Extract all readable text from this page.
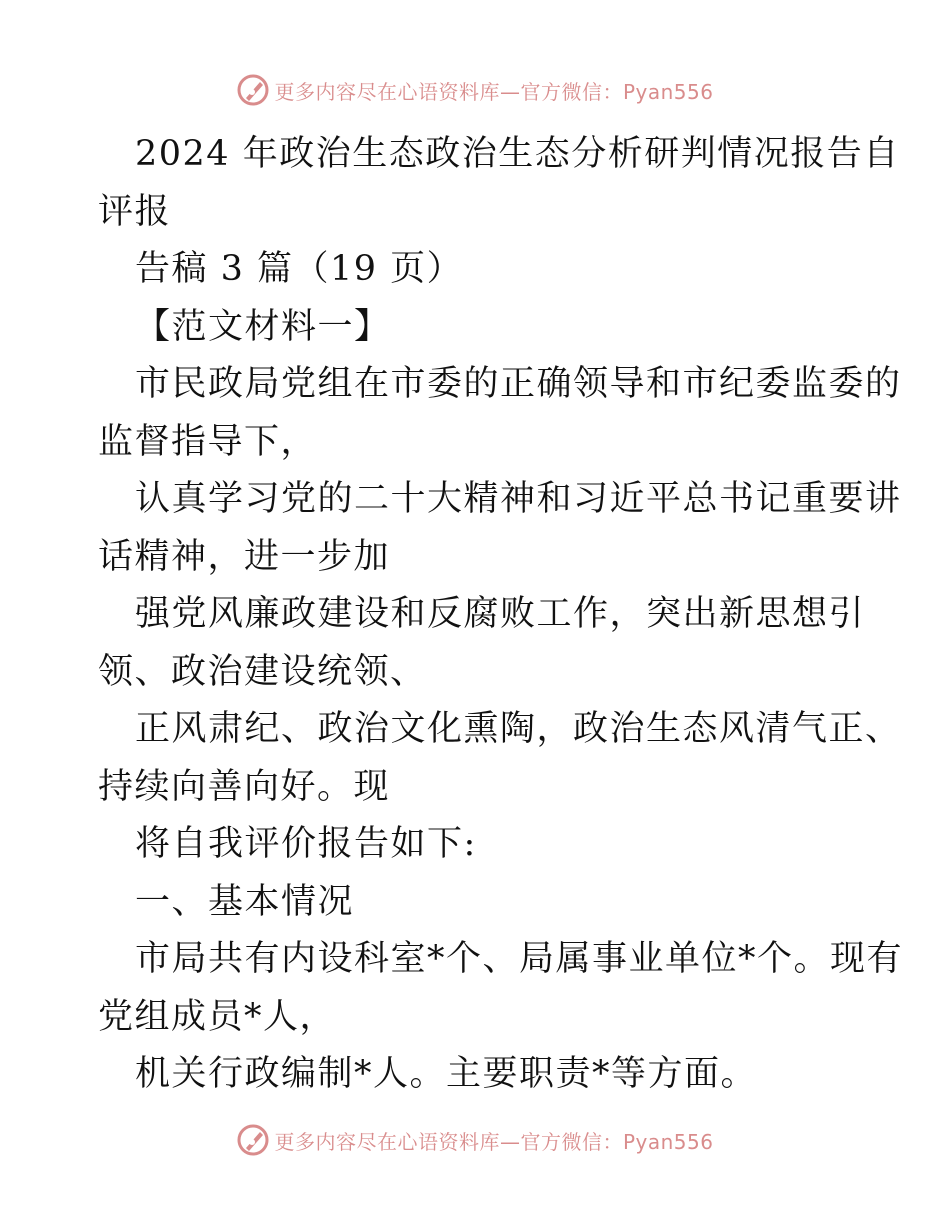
更多内容尽在心语资料库—官方微信：Pyan556
2024 年政治生态政治生态分析研判情况报告自
评报
告稿 3 篇（19 页）
【范文材料一】
市民政局党组在市委的正确领导和市纪委监委的
监督指导下，
认真学习党的二十大精神和习近平总书记重要讲
话精神，进一步加
强党风廉政建设和反腐败工作，突出新思想引
领、政治建设统领、
正风肃纪、政治文化熏陶，政治生态风清气正、
持续向善向好。现
将自我评价报告如下:
一、基本情况
市局共有内设科室*个、局属事业单位*个。现有
党组成员*人，
机关行政编制*人。主要职责*等方面。
更多内容尽在心语资料库—官方微信：Pyan556
